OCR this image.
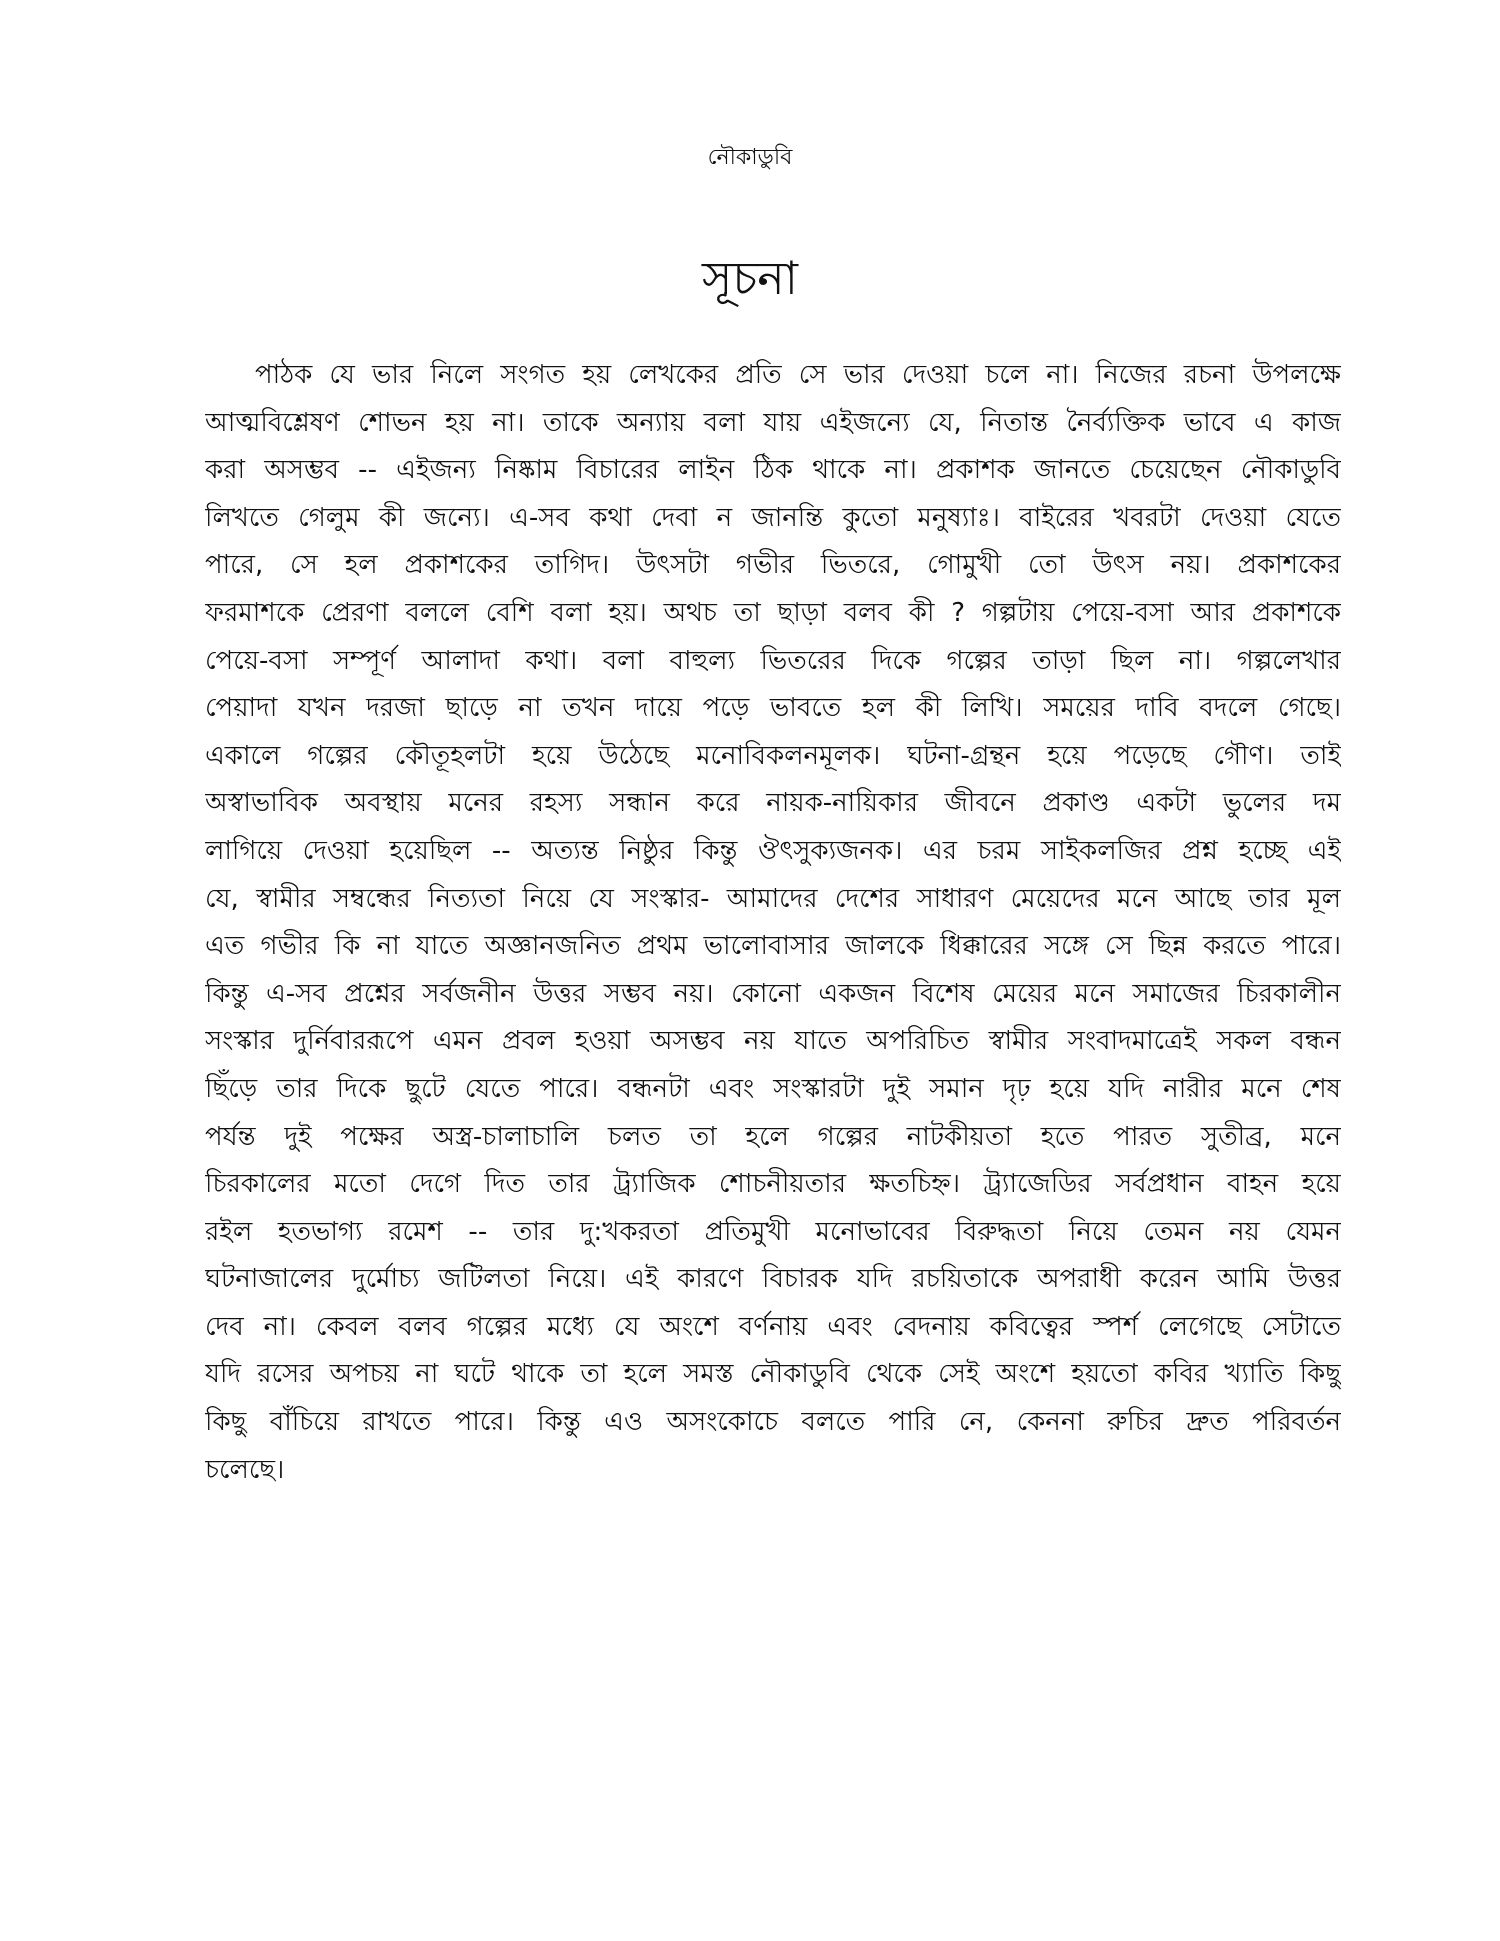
নৌকাডুবি
সূচনা
পাঠক যে ভার নিলে সংগত হয় লেখকের প্রতি সে ভার দেওয়া চলে না। নিজের রচনা উপলক্ষে
আত্মবিশ্লেষণ শোভন হয় না। তাকে অন্যায় বলা যায় এইজন্যে যে, নিতান্ত নৈর্ব্যক্তিক ভাবে এ কাজ
করা অসম্ভব -- এইজন্য নিষ্কাম বিচারের লাইন ঠিক থাকে না। প্রকাশক জানতে চেয়েছেন নৌকাডুবি
লিখতে গেলুম কী জন্যে। এ-সব কথা দেবা ন জানন্তি কুতো মনুষ্যাঃ। বাইরের খবরটা দেওয়া যেতে
পারে, সে হল প্রকাশকের তাগিদ। উৎসটা গভীর ভিতরে, গোমুখী তো উৎস নয়। প্রকাশকের
ফরমাশকে প্রেরণা বললে বেশি বলা হয়। অথচ তা ছাড়া বলব কী ? গল্পটায় পেয়ে-বসা আর প্রকাশকে
পেয়ে-বসা সম্পূর্ণ আলাদা কথা। বলা বাহুল্য ভিতরের দিকে গল্পের তাড়া ছিল না। গল্পলেখার
পেয়াদা যখন দরজা ছাড়ে না তখন দায়ে পড়ে ভাবতে হল কী লিখি। সময়ের দাবি বদলে গেছে।
একালে গল্পের কৌতূহলটা হয়ে উঠেছে মনোবিকলনমূলক। ঘটনা-গ্রন্থন হয়ে পড়েছে গৌণ। তাই
অস্বাভাবিক অবস্থায় মনের রহস্য সন্ধান করে নায়ক-নায়িকার জীবনে প্রকাণ্ড একটা ভুলের দম
লাগিয়ে দেওয়া হয়েছিল -- অত্যন্ত নিষ্ঠুর কিন্তু ঔৎসুক্যজনক। এর চরম সাইকলজির প্রশ্ন হচ্ছে এই
যে, স্বামীর সম্বন্ধের নিত্যতা নিয়ে যে সংস্কার- আমাদের দেশের সাধারণ মেয়েদের মনে আছে তার মূল
এত গভীর কি না যাতে অজ্ঞানজনিত প্রথম ভালোবাসার জালকে ধিক্কারের সঙ্গে সে ছিন্ন করতে পারে।
কিন্তু এ-সব প্রশ্নের সর্বজনীন উত্তর সম্ভব নয়। কোনো একজন বিশেষ মেয়ের মনে সমাজের চিরকালীন
সংস্কার দুর্নিবাররূপে এমন প্রবল হওয়া অসম্ভব নয় যাতে অপরিচিত স্বামীর সংবাদমাত্রেই সকল বন্ধন
ছিঁড়ে তার দিকে ছুটে যেতে পারে। বন্ধনটা এবং সংস্কারটা দুই সমান দৃঢ় হয়ে যদি নারীর মনে শেষ
পর্যন্ত দুই পক্ষের অস্ত্র-চালাচালি চলত তা হলে গল্পের নাটকীয়তা হতে পারত সুতীব্র, মনে
চিরকালের মতো দেগে দিত তার ট্র্যাজিক শোচনীয়তার ক্ষতচিহ্ন। ট্র্যাজেডির সর্বপ্রধান বাহন হয়ে
রইল হতভাগ্য রমেশ -- তার দু:খকরতা প্রতিমুখী মনোভাবের বিরুদ্ধতা নিয়ে তেমন নয় যেমন
ঘটনাজালের দুর্মোচ্য জটিলতা নিয়ে। এই কারণে বিচারক যদি রচয়িতাকে অপরাধী করেন আমি উত্তর
দেব না। কেবল বলব গল্পের মধ্যে যে অংশে বর্ণনায় এবং বেদনায় কবিত্বের স্পর্শ লেগেছে সেটাতে
যদি রসের অপচয় না ঘটে থাকে তা হলে সমস্ত নৌকাডুবি থেকে সেই অংশে হয়তো কবির খ্যাতি কিছু
কিছু বাঁচিয়ে রাখতে পারে। কিন্তু এও অসংকোচে বলতে পারি নে, কেননা রুচির দ্রুত পরিবর্তন
চলেছে।
